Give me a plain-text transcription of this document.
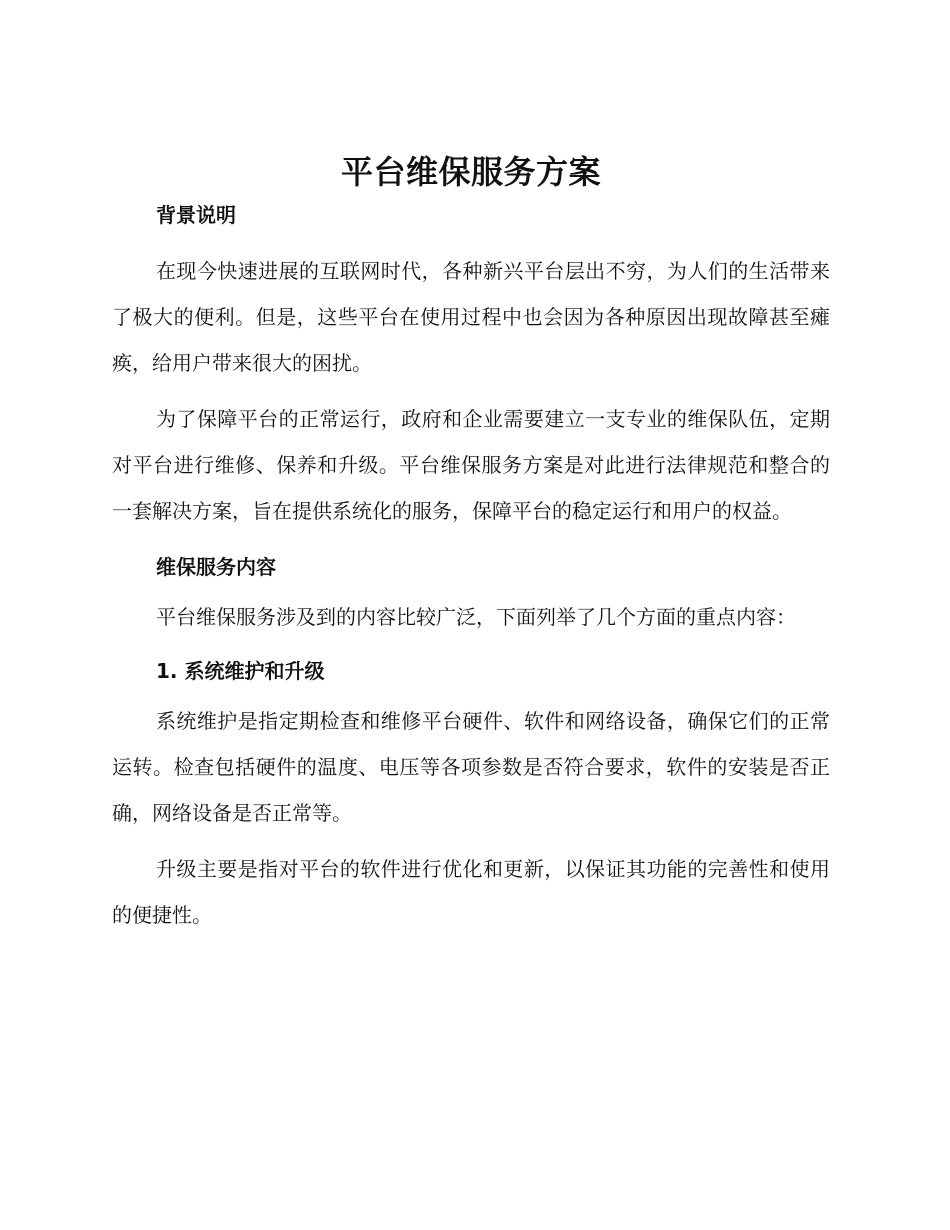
平台维保服务方案
背景说明

在现今快速进展的互联网时代，各种新兴平台层出不穷，为人们的生活带来了极大的便利。但是，这些平台在使用过程中也会因为各种原因出现故障甚至瘫痪，给用户带来很大的困扰。

为了保障平台的正常运行，政府和企业需要建立一支专业的维保队伍，定期对平台进行维修、保养和升级。平台维保服务方案是对此进行法律规范和整合的一套解决方案，旨在提供系统化的服务，保障平台的稳定运行和用户的权益。

维保服务内容

平台维保服务涉及到的内容比较广泛，下面列举了几个方面的重点内容：

1. 系统维护和升级

系统维护是指定期检查和维修平台硬件、软件和网络设备，确保它们的正常运转。检查包括硬件的温度、电压等各项参数是否符合要求，软件的安装是否正确，网络设备是否正常等。

升级主要是指对平台的软件进行优化和更新，以保证其功能的完善性和使用的便捷性。
